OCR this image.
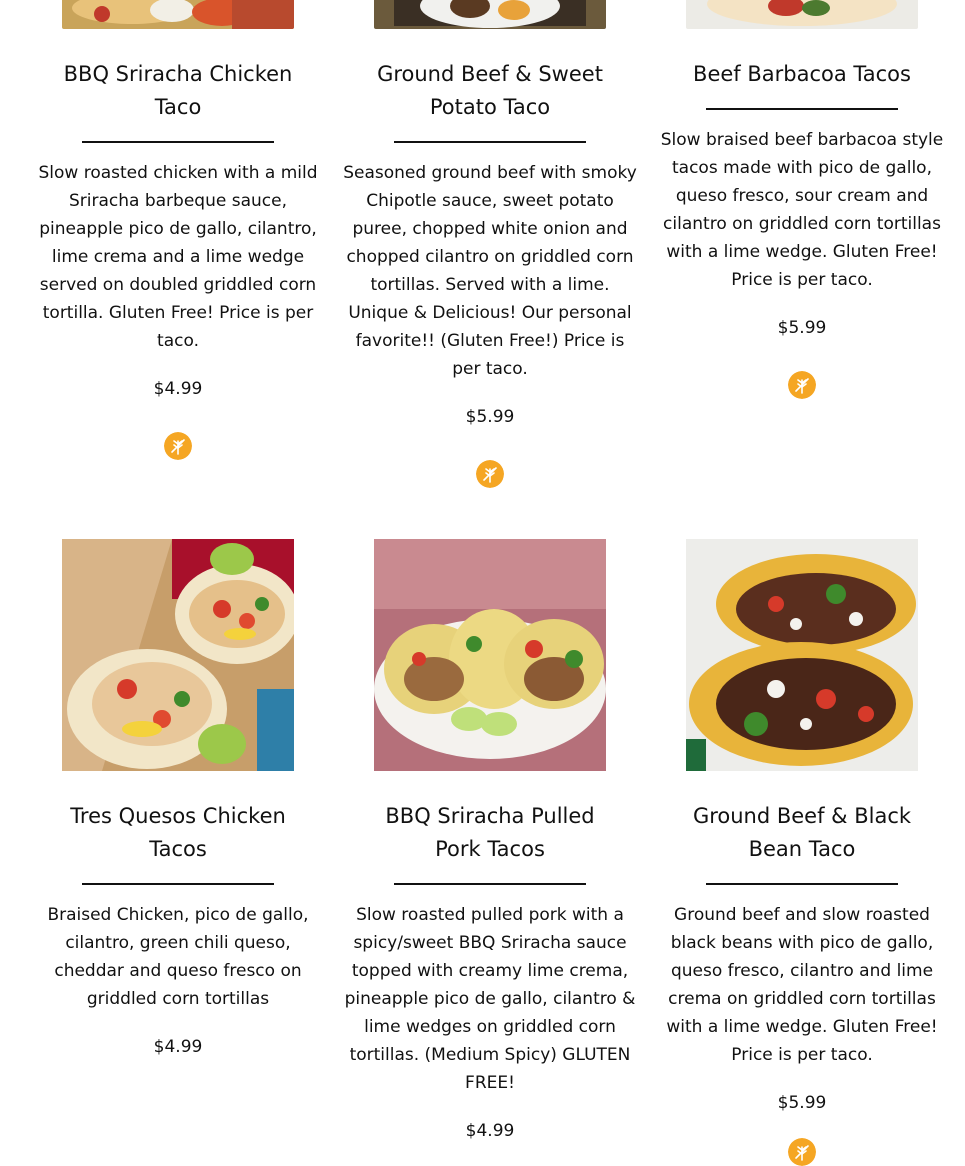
BBQ Sriracha Chicken Taco
Slow roasted chicken with a mild Sriracha barbeque sauce, pineapple pico de gallo, cilantro, lime crema and a lime wedge served on doubled griddled corn tortilla. Gluten Free! Price is per taco.
$4.99
Ground Beef & Sweet Potato Taco
Seasoned ground beef with smoky Chipotle sauce, sweet potato puree, chopped white onion and chopped cilantro on griddled corn tortillas. Served with a lime. Unique & Delicious! Our personal favorite!! (Gluten Free!) Price is per taco.
$5.99
Beef Barbacoa Tacos
Slow braised beef barbacoa style tacos made with pico de gallo, queso fresco, sour cream and cilantro on griddled corn tortillas with a lime wedge. Gluten Free! Price is per taco.
$5.99
Tres Quesos Chicken Tacos
Braised Chicken, pico de gallo, cilantro, green chili queso, cheddar and queso fresco on griddled corn tortillas
$4.99
BBQ Sriracha Pulled Pork Tacos
Slow roasted pulled pork with a spicy/sweet BBQ Sriracha sauce topped with creamy lime crema, pineapple pico de gallo, cilantro & lime wedges on griddled corn tortillas. (Medium Spicy) GLUTEN FREE!
$4.99
Ground Beef & Black Bean Taco
Ground beef and slow roasted black beans with pico de gallo, queso fresco, cilantro and lime crema on griddled corn tortillas with a lime wedge. Gluten Free! Price is per taco.
$5.99
